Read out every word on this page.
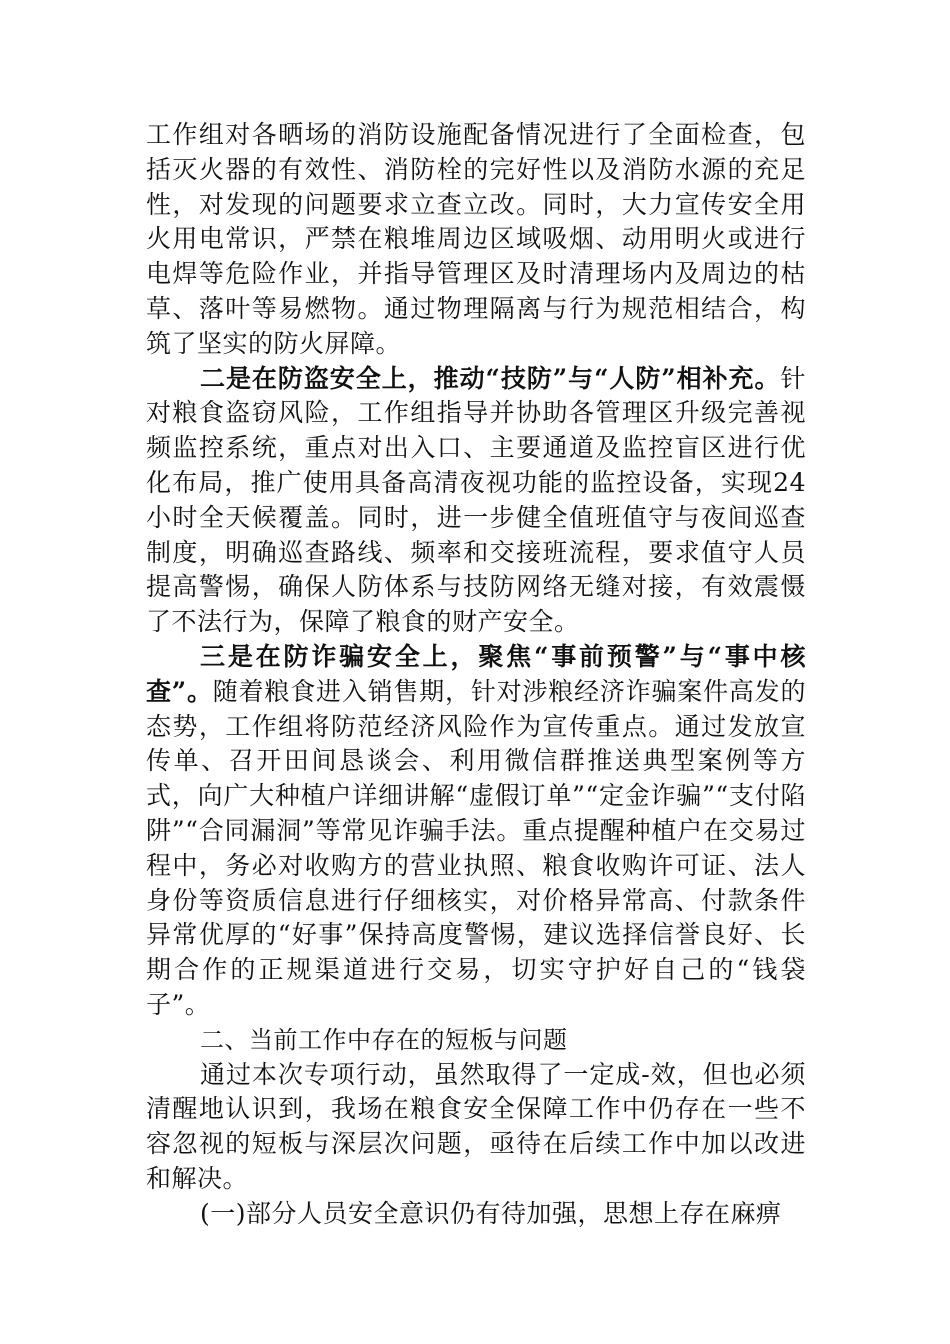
工作组对各晒场的消防设施配备情况进行了全面检查，包括灭火器的有效性、消防栓的完好性以及消防水源的充足性，对发现的问题要求立查立改。同时，大力宣传安全用火用电常识，严禁在粮堆周边区域吸烟、动用明火或进行电焊等危险作业，并指导管理区及时清理场内及周边的枯草、落叶等易燃物。通过物理隔离与行为规范相结合，构筑了坚实的防火屏障。

二是在防盗安全上，推动“技防”与“人防”相补充。针对粮食盗窃风险，工作组指导并协助各管理区升级完善视频监控系统，重点对出入口、主要通道及监控盲区进行优化布局，推广使用具备高清夜视功能的监控设备，实现24小时全天候覆盖。同时，进一步健全值班值守与夜间巡查制度，明确巡查路线、频率和交接班流程，要求值守人员提高警惕，确保人防体系与技防网络无缝对接，有效震慑了不法行为，保障了粮食的财产安全。

三是在防诈骗安全上，聚焦“事前预警”与“事中核查”。随着粮食进入销售期，针对涉粮经济诈骗案件高发的态势，工作组将防范经济风险作为宣传重点。通过发放宣传单、召开田间恳谈会、利用微信群推送典型案例等方式，向广大种植户详细讲解“虚假订单”“定金诈骗”“支付陷阱”“合同漏洞”等常见诈骗手法。重点提醒种植户在交易过程中，务必对收购方的营业执照、粮食收购许可证、法人身份等资质信息进行仔细核实，对价格异常高、付款条件异常优厚的“好事”保持高度警惕，建议选择信誉良好、长期合作的正规渠道进行交易，切实守护好自己的“钱袋子”。

二、当前工作中存在的短板与问题

通过本次专项行动，虽然取得了一定成-效，但也必须清醒地认识到，我场在粮食安全保障工作中仍存在一些不容忽视的短板与深层次问题，亟待在后续工作中加以改进和解决。

(一)部分人员安全意识仍有待加强，思想上存在麻痹
